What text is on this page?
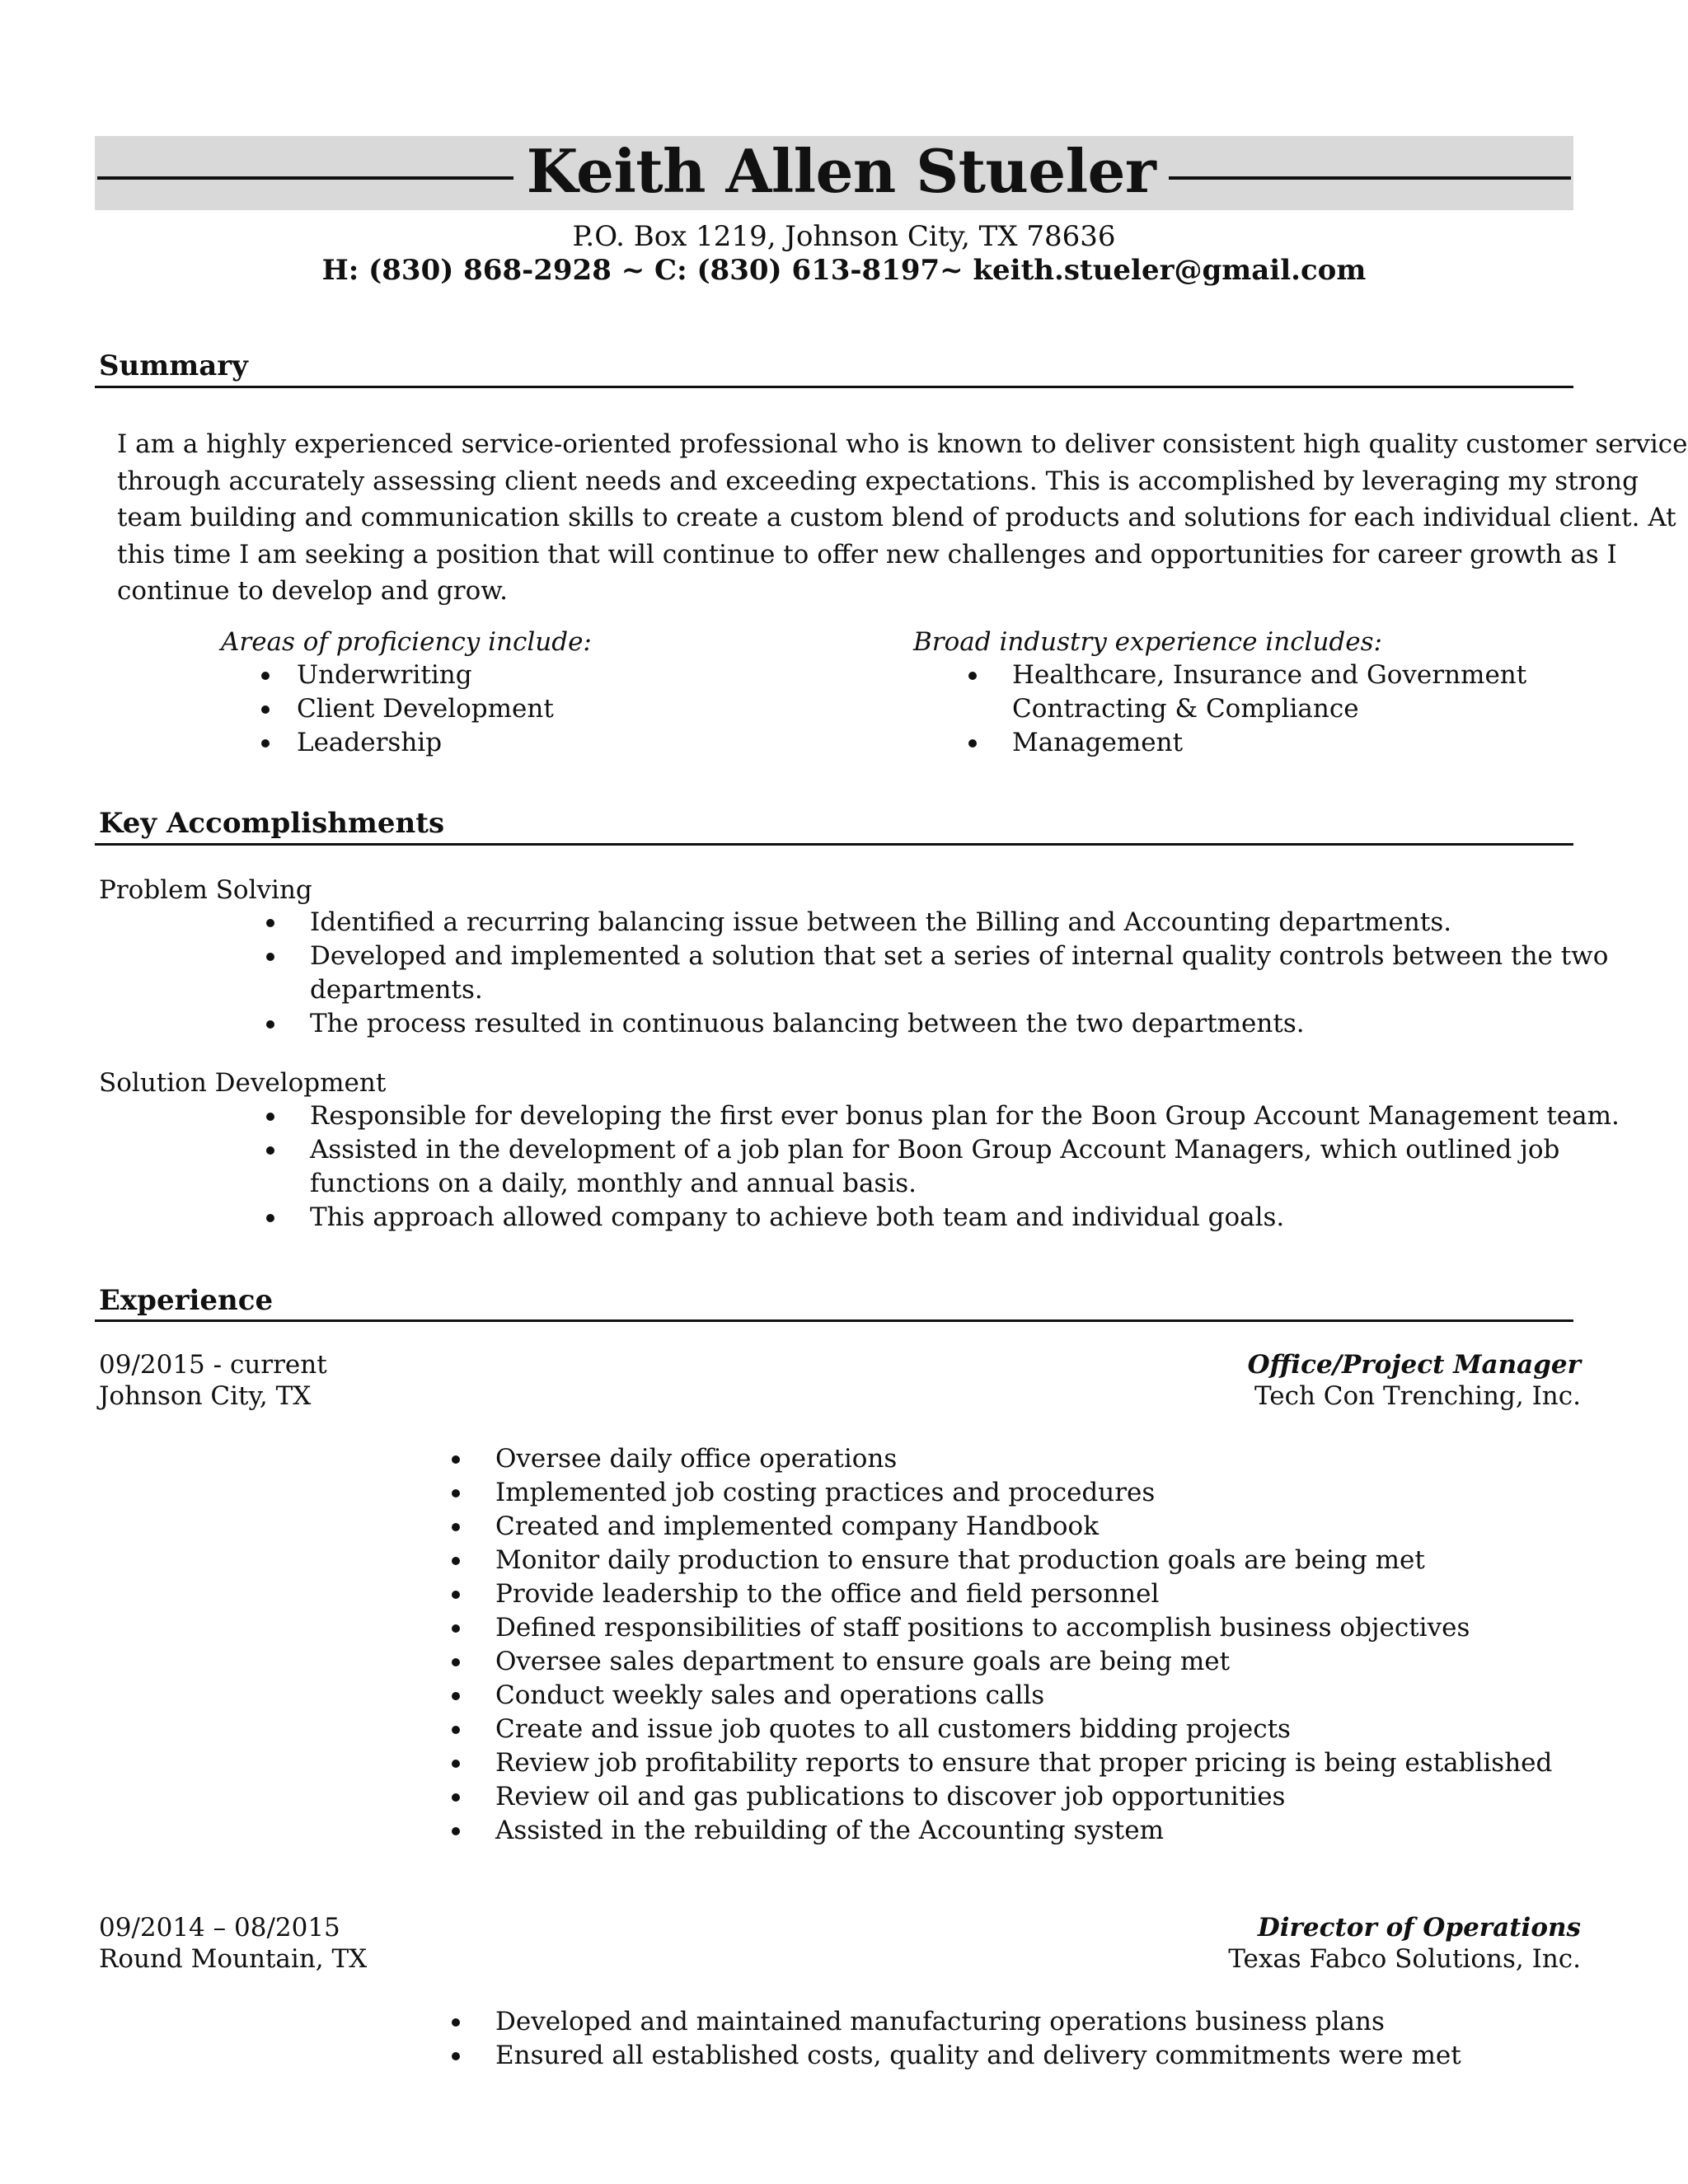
Keith Allen Stueler
P.O. Box 1219, Johnson City, TX 78636
H: (830) 868-2928 ~ C: (830) 613-8197~ keith.stueler@gmail.com
Summary
I am a highly experienced service-oriented professional who is known to deliver consistent high quality customer service
through accurately assessing client needs and exceeding expectations. This is accomplished by leveraging my strong
team building and communication skills to create a custom blend of products and solutions for each individual client. At
this time I am seeking a position that will continue to offer new challenges and opportunities for career growth as I
continue to develop and grow.
Areas of proficiency include:
Underwriting
Client Development
Leadership
Broad industry experience includes:
Healthcare, Insurance and Government
Contracting & Compliance
Management
Key Accomplishments
Problem Solving
Identified a recurring balancing issue between the Billing and Accounting departments.
Developed and implemented a solution that set a series of internal quality controls between the two
departments.
The process resulted in continuous balancing between the two departments.
Solution Development
Responsible for developing the first ever bonus plan for the Boon Group Account Management team.
Assisted in the development of a job plan for Boon Group Account Managers, which outlined job
functions on a daily, monthly and annual basis.
This approach allowed company to achieve both team and individual goals.
Experience
09/2015 - current
Johnson City, TX
Office/Project Manager
Tech Con Trenching, Inc.
Oversee daily office operations
Implemented job costing practices and procedures
Created and implemented company Handbook
Monitor daily production to ensure that production goals are being met
Provide leadership to the office and field personnel
Defined responsibilities of staff positions to accomplish business objectives
Oversee sales department to ensure goals are being met
Conduct weekly sales and operations calls
Create and issue job quotes to all customers bidding projects
Review job profitability reports to ensure that proper pricing is being established
Review oil and gas publications to discover job opportunities
Assisted in the rebuilding of the Accounting system
09/2014 – 08/2015
Round Mountain, TX
Director of Operations
Texas Fabco Solutions, Inc.
Developed and maintained manufacturing operations business plans
Ensured all established costs, quality and delivery commitments were met
